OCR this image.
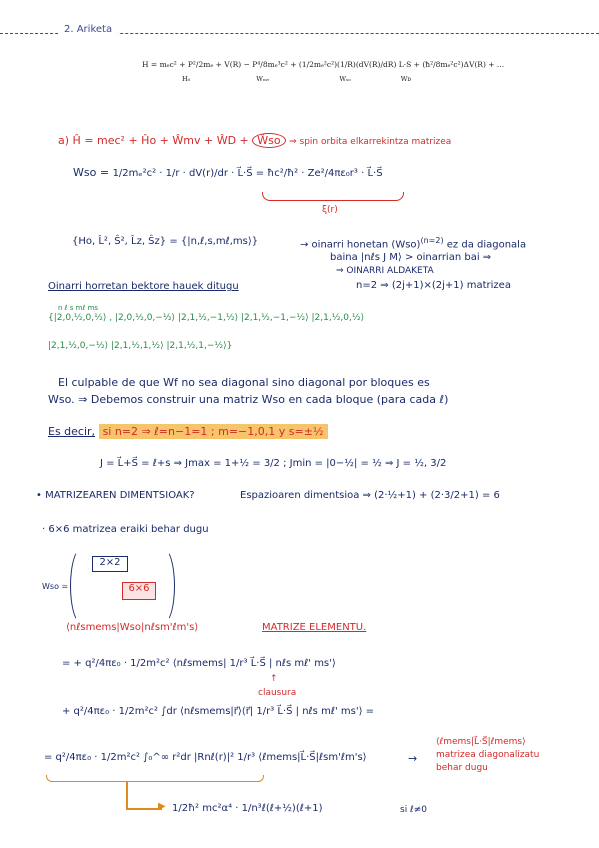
2. Ariketa
H = mₑc² + P²/2mₑ + V(R) − P⁴/8mₑ³c² + (1/2mₑ²c²)(1/R)(dV(R)/dR) L·S + (ħ²/8mₑ²c²)ΔV(R) + ...
H₀	Wₘᵥ	Wₛₒ	Wᴅ
a) Ĥ = mec² + Ĥo + Ŵmv + ŴD + Ŵso ⇒ spin orbita elkarrekintza matrizea
Wso = 1/2mₑ²c² · 1/r · dV(r)/dr · L⃗·S⃗ = ħc²/ħ² · Ze²/4πε₀r³ · L⃗·S⃗
ξ(r)
{Ho, L̂², Ŝ², L̂z, Ŝz} = {|n,ℓ,s,mℓ,ms⟩}	→ oinarri honetan (Wso)$^{(n=2)}$ ez da diagonala
baina |nℓs J M⟩ > oinarrian bai ⇒
⇒ OINARRI ALDAKETA
Oinarri horretan bektore hauek ditugu	n=2 ⇒ (2j+1)×(2j+1) matrizea
n ℓ s mℓ ms
{|2,0,½,0,½⟩ , |2,0,½,0,−½⟩ |2,1,½,−1,½⟩ |2,1,½,−1,−½⟩ |2,1,½,0,½⟩
|2,1,½,0,−½⟩ |2,1,½,1,½⟩ |2,1,½,1,−½⟩}
El culpable de que Wf no sea diagonal sino diagonal por bloques es
Wso. ⇒ Debemos construir una matriz Wso en cada bloque (para cada ℓ)
Es decir, si n=2 ⇒ ℓ=n−1=1 ; m=−1,0,1 y s=±½
J = L⃗+S⃗ = ℓ+s ⇒ Jmax = 1+½ = 3/2 ; Jmin = |0−½| = ½ ⇒ J = ½, 3/2
• MATRIZEAREN DIMENTSIOAK?	Espazioaren dimentsioa ⇒ (2·½+1) + (2·3/2+1) = 6
· 6×6 matrizea eraiki behar dugu
Wso =
2×2
6×6
⟨nℓsmems|Wso|nℓsm'ℓm's⟩	MATRIZE ELEMENTU.
= + q²/4πε₀ · 1/2m²c² ⟨nℓsmems| 1/r³ L⃗·S⃗ | nℓs mℓ' ms'⟩
↑
clausura
+ q²/4πε₀ · 1/2m²c² ∫dr ⟨nℓsmems|r⃗⟩⟨r⃗| 1/r³ L⃗·S⃗ | nℓs mℓ' ms'⟩ =
= q²/4πε₀ · 1/2m²c² ∫₀^∞ r²dr |Rnℓ(r)|² 1/r³ ⟨ℓmems|L⃗·S⃗|ℓsm'ℓm's⟩	→
⟨ℓmems|L⃗·S⃗|ℓmems⟩
matrizea diagonalizatu
behar dugu
▶ 1/2ħ² mc²α⁴ · 1/n³ℓ(ℓ+½)(ℓ+1)	si ℓ≠0
